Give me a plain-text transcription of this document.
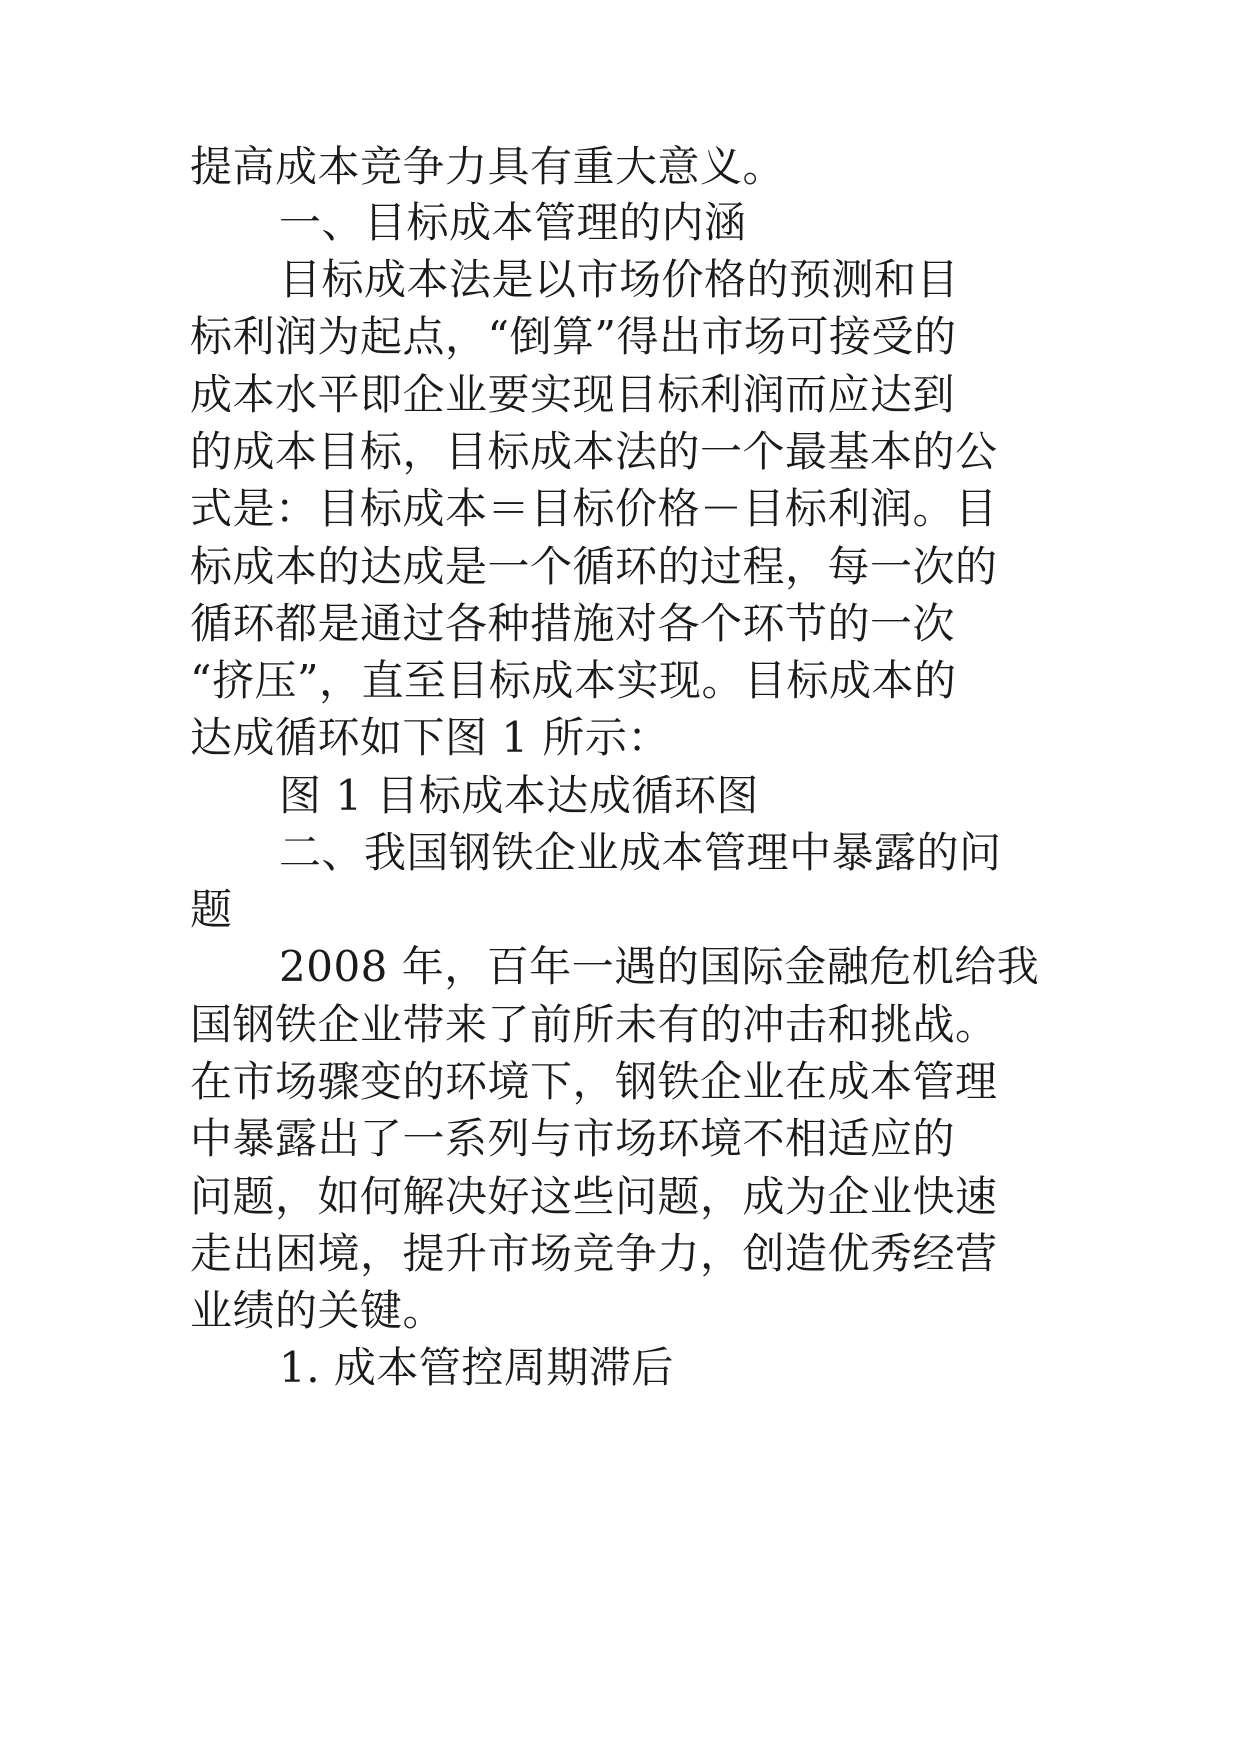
提高成本竞争力具有重大意义。
一、目标成本管理的内涵
目标成本法是以市场价格的预测和目
标利润为起点，“倒算”得出市场可接受的
成本水平即企业要实现目标利润而应达到
的成本目标，目标成本法的一个最基本的公
式是：目标成本＝目标价格－目标利润。目
标成本的达成是一个循环的过程，每一次的
循环都是通过各种措施对各个环节的一次
“挤压”，直至目标成本实现。目标成本的
达成循环如下图 1 所示：
图 1 目标成本达成循环图
二、我国钢铁企业成本管理中暴露的问
题
2008 年，百年一遇的国际金融危机给我
国钢铁企业带来了前所未有的冲击和挑战。
在市场骤变的环境下，钢铁企业在成本管理
中暴露出了一系列与市场环境不相适应的
问题，如何解决好这些问题，成为企业快速
走出困境，提升市场竞争力，创造优秀经营
业绩的关键。
1. 成本管控周期滞后
